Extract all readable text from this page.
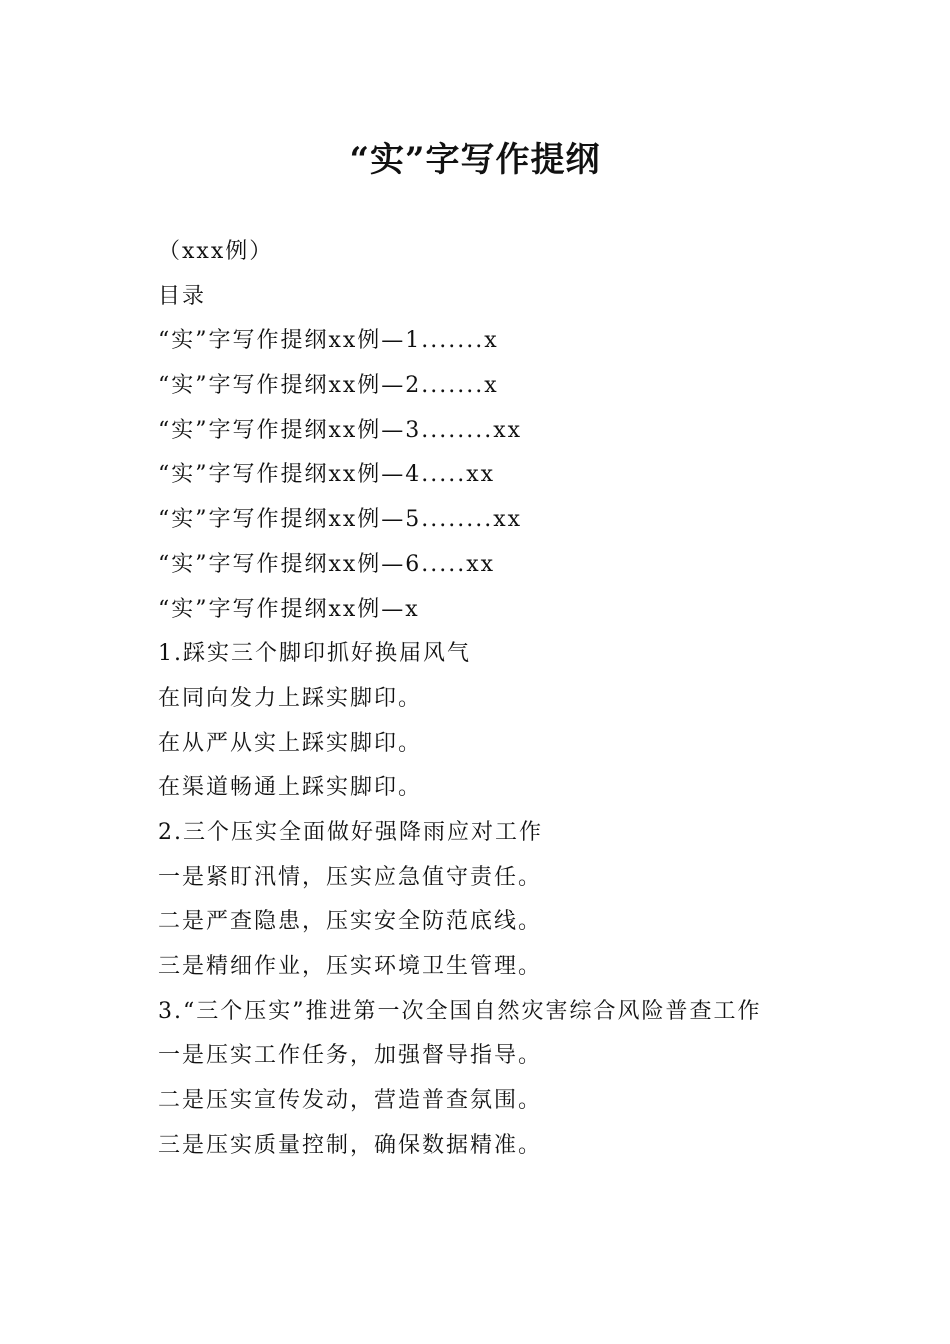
“实”字写作提纲
（xxx例）
目录
“实”字写作提纲xx例—1.......x
“实”字写作提纲xx例—2.......x
“实”字写作提纲xx例—3........xx
“实”字写作提纲xx例—4.....xx
“实”字写作提纲xx例—5........xx
“实”字写作提纲xx例—6.....xx
“实”字写作提纲xx例—x
1.踩实三个脚印抓好换届风气
在同向发力上踩实脚印。
在从严从实上踩实脚印。
在渠道畅通上踩实脚印。
2.三个压实全面做好强降雨应对工作
一是紧盯汛情，压实应急值守责任。
二是严查隐患，压实安全防范底线。
三是精细作业，压实环境卫生管理。
3.“三个压实”推进第一次全国自然灾害综合风险普查工作
一是压实工作任务，加强督导指导。
二是压实宣传发动，营造普查氛围。
三是压实质量控制，确保数据精准。
